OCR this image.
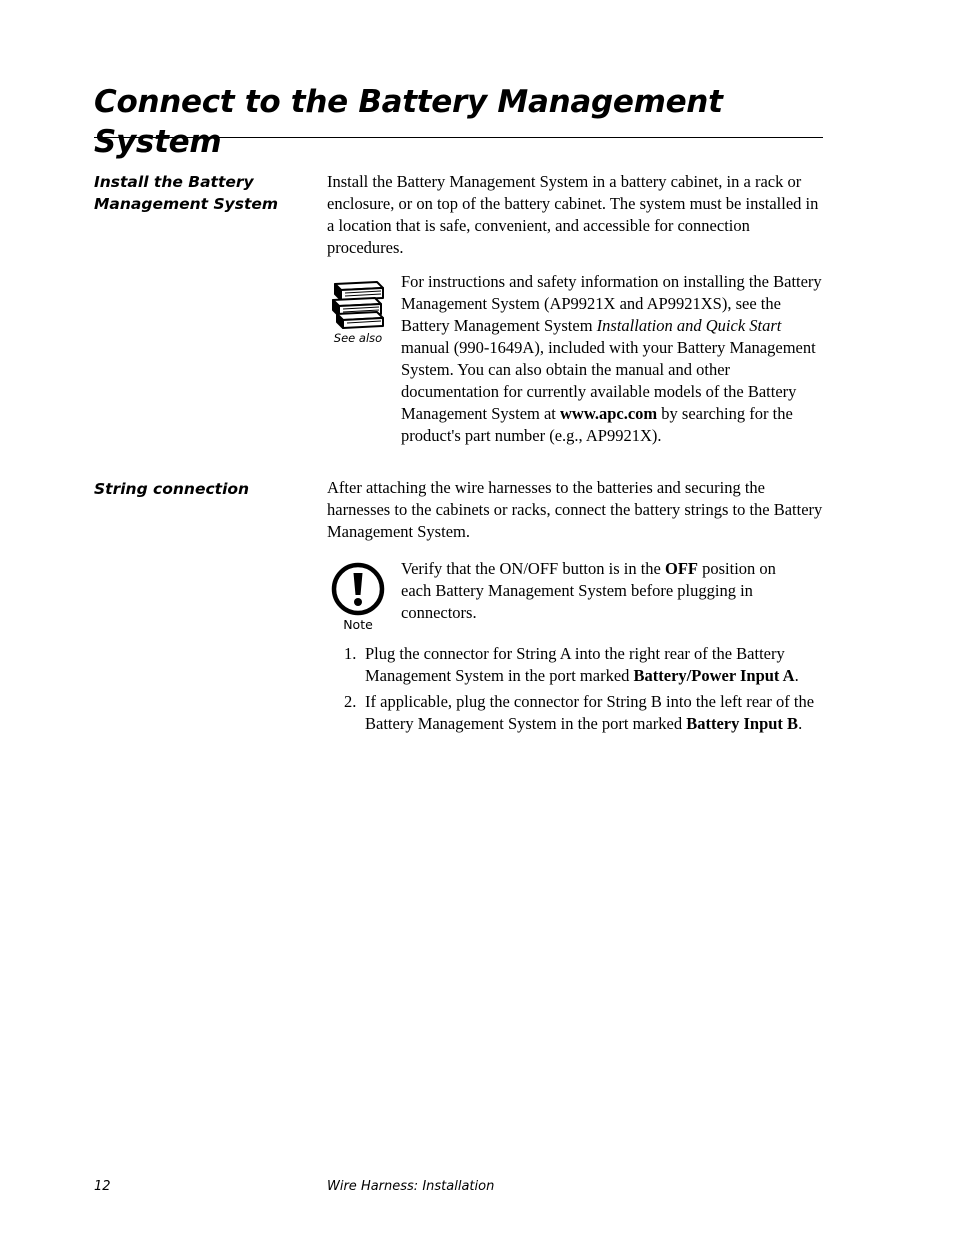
Connect to the Battery Management System
Install the Battery
Management System

Install the Battery Management System in a battery cabinet, in a rack or enclosure, or on top of the battery cabinet. The system must be installed in a location that is safe, convenient, and accessible for connection procedures.

See also

For instructions and safety information on installing the Battery Management System (AP9921X and AP9921XS), see the Battery Management System Installation and Quick Start manual (990-1649A), included with your Battery Management System. You can also obtain the manual and other documentation for currently available models of the Battery Management System at www.apc.com by searching for the product's part number (e.g., AP9921X).

String connection	After attaching the wire harnesses to the batteries and securing the harnesses to the cabinets or racks, connect the battery strings to the Battery Management System.

Note

Verify that the ON/OFF button is in the OFF position on each Battery Management System before plugging in connectors.

1. Plug the connector for String A into the right rear of the Battery Management System in the port marked Battery/Power Input A.
2. If applicable, plug the connector for String B into the left rear of the Battery Management System in the port marked Battery Input B.
12	Wire Harness: Installation
